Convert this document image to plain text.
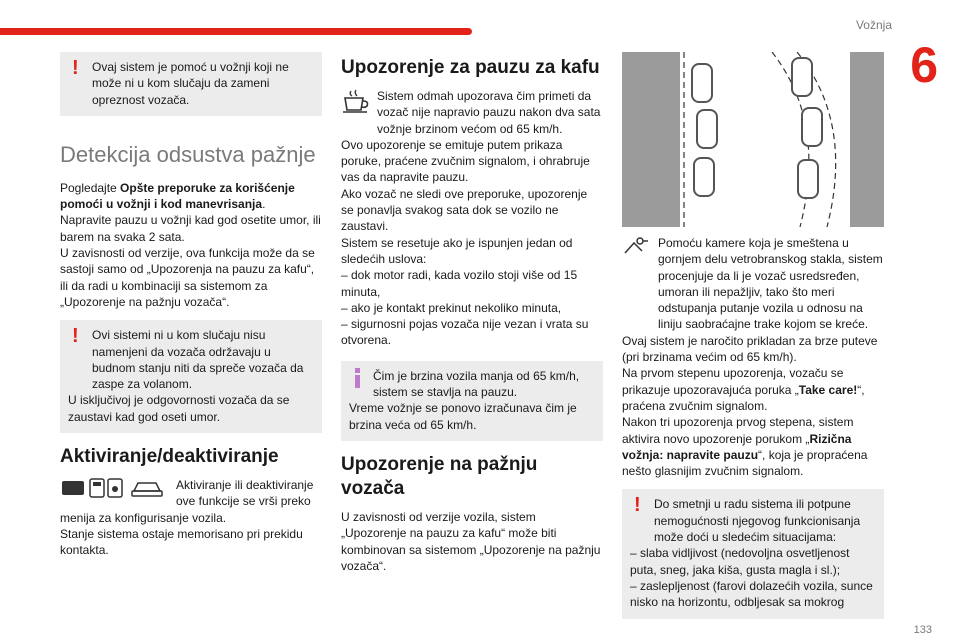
Vožnja
6
133
! Ovaj sistem je pomoć u vožnji koji ne može ni u kom slučaju da zameni opreznost vozača.
Detekcija odsustva pažnje

Pogledajte Opšte preporuke za korišćenje pomoći u vožnji i kod manevrisanja.

Napravite pauzu u vožnji kad god osetite umor, ili barem na svaka 2 sata.

U zavisnosti od verzije, ova funkcija može da se sastoji samo od „Upozorenja na pauzu za kafu“, ili da radi u kombinaciji sa sistemom za „Upozorenje na pažnju vozača“.

! Ovi sistemi ni u kom slučaju nisu namenjeni da vozača održavaju u budnom stanju niti da spreče vozača da zaspe za volanom.
U isključivoj je odgovornosti vozača da se zaustavi kad god oseti umor.
Aktiviranje/deaktiviranje
Aktiviranje ili deaktiviranje ove funkcije se vrši preko menija za konfigurisanje vozila.

Stanje sistema ostaje memorisano pri prekidu kontakta.

Upozorenje za pauzu za kafu
Sistem odmah upozorava čim primeti da vozač nije napravio pauzu nakon dva sata vožnje brzinom većom od 65 km/h.

Ovo upozorenje se emituje putem prikaza poruke, praćene zvučnim signalom, i ohrabruje vas da napravite pauzu.

Ako vozač ne sledi ove preporuke, upozorenje se ponavlja svakog sata dok se vozilo ne zaustavi.

Sistem se resetuje ako je ispunjen jedan od sledećih uslova:

– dok motor radi, kada vozilo stoji više od 15 minuta,

– ako je kontakt prekinut nekoliko minuta,

– sigurnosni pojas vozača nije vezan i vrata su otvorena.

Čim je brzina vozila manja od 65 km/h, sistem se stavlja na pauzu.
Vreme vožnje se ponovo izračunava čim je brzina veća od 65 km/h.
Upozorenje na pažnju vozača

U zavisnosti od verzije vozila, sistem „Upozorenje na pauzu za kafu“ može biti kombinovan sa sistemom „Upozorenje na pažnju vozača“.

Pomoću kamere koja je smeštena u gornjem delu vetrobranskog stakla, sistem procenjuje da li je vozač usredsređen, umoran ili nepažljiv, tako što meri odstupanja putanje vozila u odnosu na liniju saobraćajne trake kojom se kreće.

Ovaj sistem je naročito prikladan za brze puteve (pri brzinama većim od 65 km/h).

Na prvom stepenu upozorenja, vozaču se prikazuje upozoravajuća poruka „Take care!“, praćena zvučnim signalom.

Nakon tri upozorenja prvog stepena, sistem aktivira novo upozorenje porukom „Rizična vožnja: napravite pauzu“, koja je propraćena nešto glasnijim zvučnim signalom.

! Do smetnji u radu sistema ili potpune nemogućnosti njegovog funkcionisanja može doći u sledećim situacijama:
– slaba vidljivost (nedovoljna osvetljenost puta, sneg, jaka kiša, gusta magla i sl.);
– zaslepljenost (farovi dolazećih vozila, sunce nisko na horizontu, odbljesak sa mokrog
